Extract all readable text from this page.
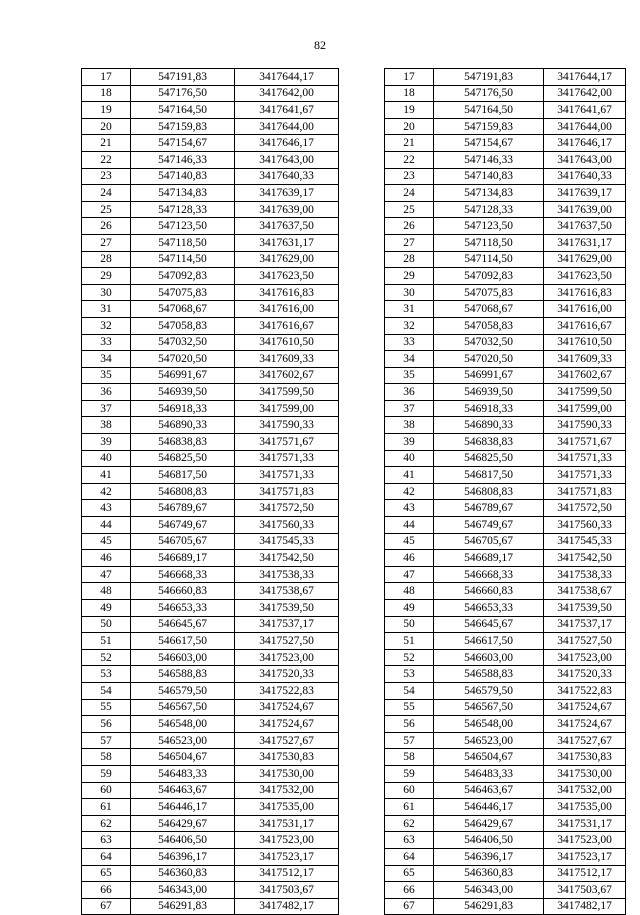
82
17	547191,83	3417644,17		17	547191,83	3417644,17
18	547176,50	3417642,00		18	547176,50	3417642,00
19	547164,50	3417641,67		19	547164,50	3417641,67
20	547159,83	3417644,00		20	547159,83	3417644,00
21	547154,67	3417646,17		21	547154,67	3417646,17
22	547146,33	3417643,00		22	547146,33	3417643,00
23	547140,83	3417640,33		23	547140,83	3417640,33
24	547134,83	3417639,17		24	547134,83	3417639,17
25	547128,33	3417639,00		25	547128,33	3417639,00
26	547123,50	3417637,50		26	547123,50	3417637,50
27	547118,50	3417631,17		27	547118,50	3417631,17
28	547114,50	3417629,00		28	547114,50	3417629,00
29	547092,83	3417623,50		29	547092,83	3417623,50
30	547075,83	3417616,83		30	547075,83	3417616,83
31	547068,67	3417616,00		31	547068,67	3417616,00
32	547058,83	3417616,67		32	547058,83	3417616,67
33	547032,50	3417610,50		33	547032,50	3417610,50
34	547020,50	3417609,33		34	547020,50	3417609,33
35	546991,67	3417602,67		35	546991,67	3417602,67
36	546939,50	3417599,50		36	546939,50	3417599,50
37	546918,33	3417599,00		37	546918,33	3417599,00
38	546890,33	3417590,33		38	546890,33	3417590,33
39	546838,83	3417571,67		39	546838,83	3417571,67
40	546825,50	3417571,33		40	546825,50	3417571,33
41	546817,50	3417571,33		41	546817,50	3417571,33
42	546808,83	3417571,83		42	546808,83	3417571,83
43	546789,67	3417572,50		43	546789,67	3417572,50
44	546749,67	3417560,33		44	546749,67	3417560,33
45	546705,67	3417545,33		45	546705,67	3417545,33
46	546689,17	3417542,50		46	546689,17	3417542,50
47	546668,33	3417538,33		47	546668,33	3417538,33
48	546660,83	3417538,67		48	546660,83	3417538,67
49	546653,33	3417539,50		49	546653,33	3417539,50
50	546645,67	3417537,17		50	546645,67	3417537,17
51	546617,50	3417527,50		51	546617,50	3417527,50
52	546603,00	3417523,00		52	546603,00	3417523,00
53	546588,83	3417520,33		53	546588,83	3417520,33
54	546579,50	3417522,83		54	546579,50	3417522,83
55	546567,50	3417524,67		55	546567,50	3417524,67
56	546548,00	3417524,67		56	546548,00	3417524,67
57	546523,00	3417527,67		57	546523,00	3417527,67
58	546504,67	3417530,83		58	546504,67	3417530,83
59	546483,33	3417530,00		59	546483,33	3417530,00
60	546463,67	3417532,00		60	546463,67	3417532,00
61	546446,17	3417535,00		61	546446,17	3417535,00
62	546429,67	3417531,17		62	546429,67	3417531,17
63	546406,50	3417523,00		63	546406,50	3417523,00
64	546396,17	3417523,17		64	546396,17	3417523,17
65	546360,83	3417512,17		65	546360,83	3417512,17
66	546343,00	3417503,67		66	546343,00	3417503,67
67	546291,83	3417482,17		67	546291,83	3417482,17
